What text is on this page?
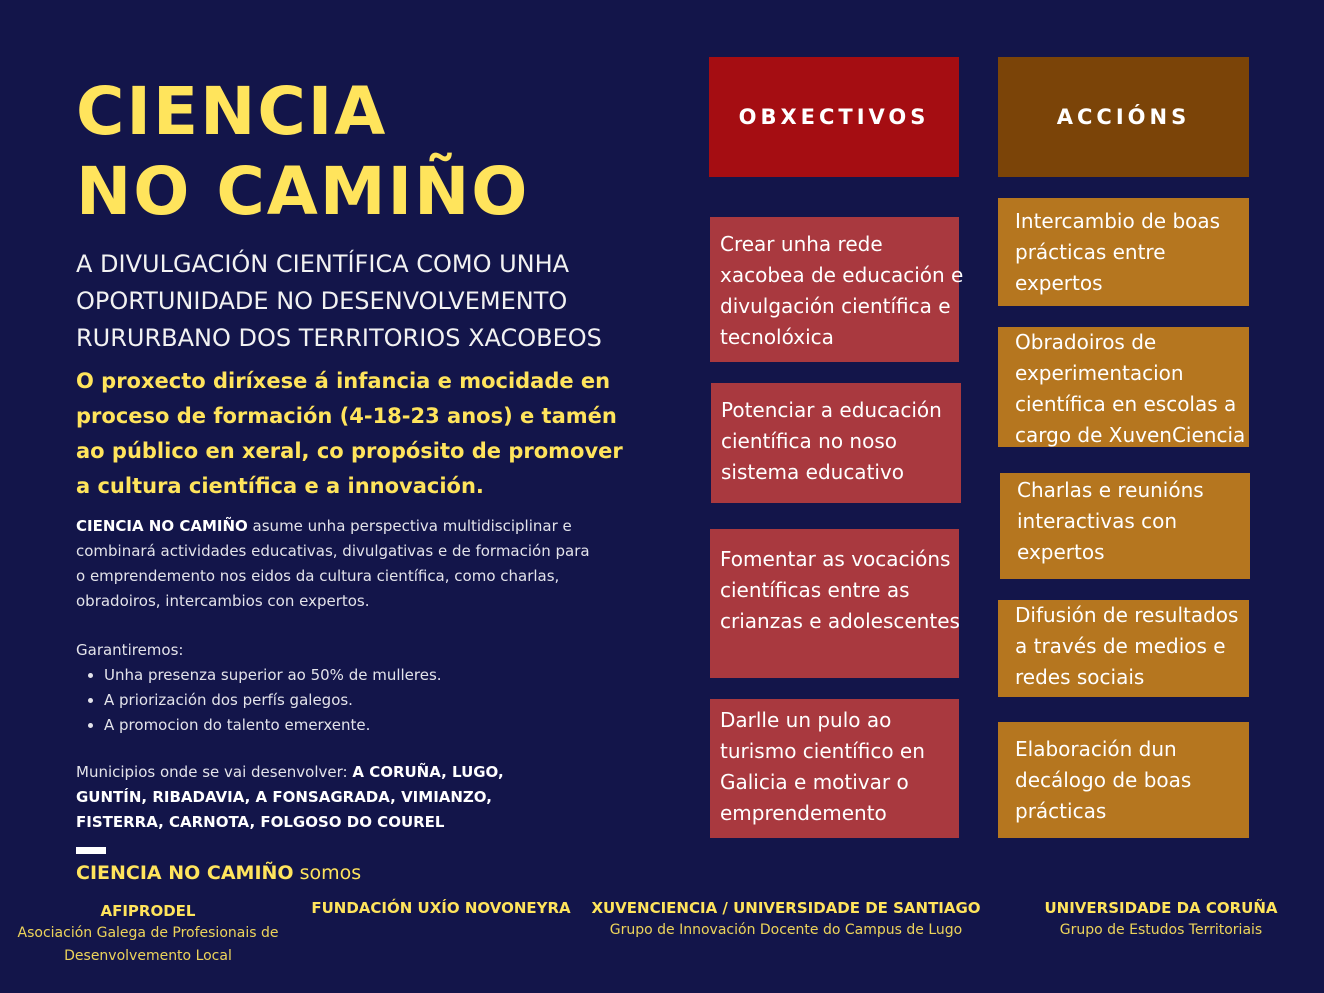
CIENCIA
NO CAMIÑO
A DIVULGACIÓN CIENTÍFICA COMO UNHA
OPORTUNIDADE NO DESENVOLVEMENTO
RURURBANO DOS TERRITORIOS XACOBEOS
O proxecto diríxese á infancia e mocidade en
proceso de formación (4-18-23 anos) e tamén
ao público en xeral, co propósito de promover
a cultura científica e a innovación.
CIENCIA NO CAMIÑO asume unha perspectiva multidisciplinar e
combinará actividades educativas, divulgativas e de formación para
o emprendemento nos eidos da cultura científica, como charlas,
obradoiros, intercambios con expertos.
Garantiremos:
• Unha presenza superior ao 50% de mulleres.
• A priorización dos perfís galegos.
• A promocion do talento emerxente.
Municipios onde se vai desenvolver: A CORUÑA, LUGO,
GUNTÍN, RIBADAVIA, A FONSAGRADA, VIMIANZO,
FISTERRA, CARNOTA, FOLGOSO DO COUREL
CIENCIA NO CAMIÑO somos
AFIPRODEL
Asociación Galega de Profesionais de
Desenvolvemento Local
FUNDACIÓN UXÍO NOVONEYRA	XUVENCIENCIA / UNIVERSIDADE DE SANTIAGO
Grupo de Innovación Docente do Campus de Lugo
UNIVERSIDADE DA CORUÑA
Grupo de Estudos Territoriais
OBXECTIVOS
Crear unha rede
xacobea de educación e
divulgación científica e
tecnolóxica
Potenciar a educación
científica no noso
sistema educativo
Fomentar as vocacións
científicas entre as
crianzas e adolescentes
Darlle un pulo ao
turismo científico en
Galicia e motivar o
emprendemento
ACCIÓNS
Intercambio de boas
prácticas entre
expertos
Obradoiros de
experimentacion
científica en escolas a
cargo de XuvenCiencia
Charlas e reunións
interactivas con
expertos
Difusión de resultados
a través de medios e
redes sociais
Elaboración dun
decálogo de boas
prácticas
